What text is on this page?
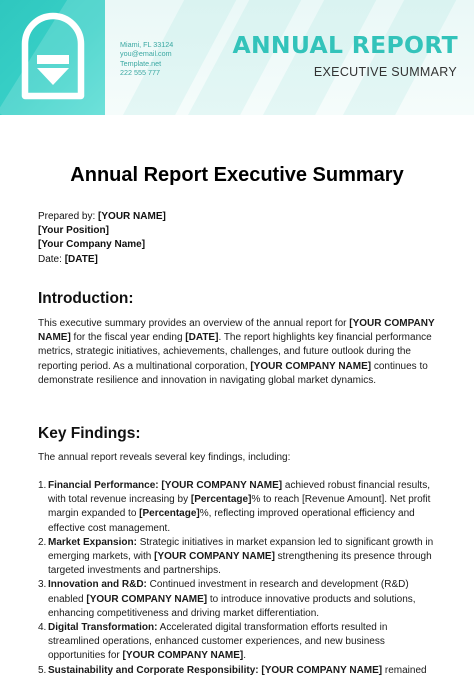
Miami, FL 33124
you@email.com
Template.net
222 555 777
ANNUAL REPORT
EXECUTIVE SUMMARY
Annual Report Executive Summary
Prepared by: [YOUR NAME]
[Your Position]
[Your Company Name]
Date: [DATE]
Introduction:
This executive summary provides an overview of the annual report for [YOUR COMPANY NAME] for the fiscal year ending [DATE]. The report highlights key financial performance metrics, strategic initiatives, achievements, challenges, and future outlook during the reporting period. As a multinational corporation, [YOUR COMPANY NAME] continues to demonstrate resilience and innovation in navigating global market dynamics.
Key Findings:
The annual report reveals several key findings, including:
1. Financial Performance: [YOUR COMPANY NAME] achieved robust financial results, with total revenue increasing by [Percentage]% to reach [Revenue Amount]. Net profit margin expanded to [Percentage]%, reflecting improved operational efficiency and effective cost management.
2. Market Expansion: Strategic initiatives in market expansion led to significant growth in emerging markets, with [YOUR COMPANY NAME] strengthening its presence through targeted investments and partnerships.
3. Innovation and R&D: Continued investment in research and development (R&D) enabled [YOUR COMPANY NAME] to introduce innovative products and solutions, enhancing competitiveness and driving market differentiation.
4. Digital Transformation: Accelerated digital transformation efforts resulted in streamlined operations, enhanced customer experiences, and new business opportunities for [YOUR COMPANY NAME].
5. Sustainability and Corporate Responsibility: [YOUR COMPANY NAME] remained
